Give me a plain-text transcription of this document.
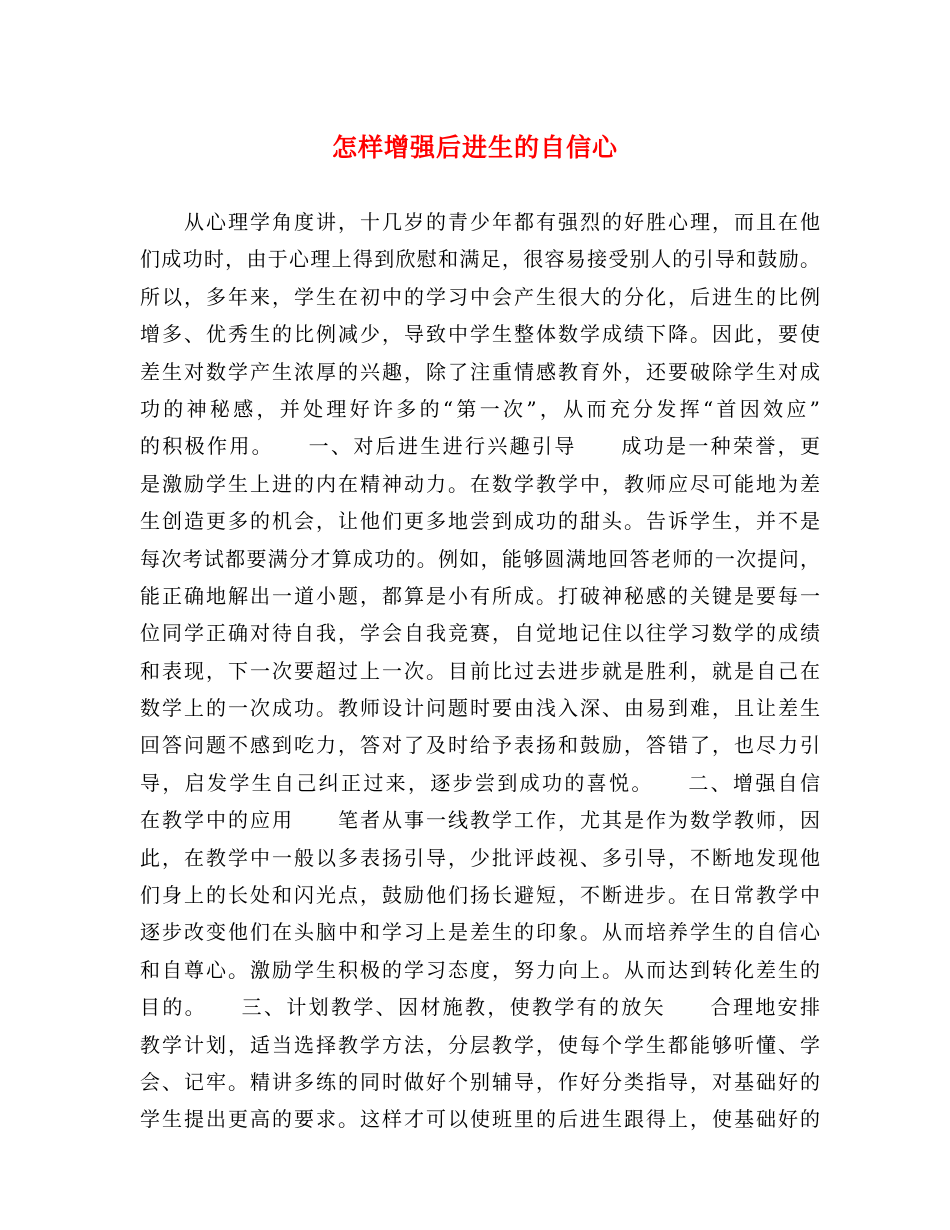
怎样增强后进生的自信心
　　从心理学角度讲，十几岁的青少年都有强烈的好胜心理，而且在他
们成功时，由于心理上得到欣慰和满足，很容易接受别人的引导和鼓励。
所以，多年来，学生在初中的学习中会产生很大的分化，后进生的比例
增多、优秀生的比例减少，导致中学生整体数学成绩下降。因此，要使
差生对数学产生浓厚的兴趣，除了注重情感教育外，还要破除学生对成
功的神秘感，并处理好许多的“第一次”，从而充分发挥“首因效应”
的积极作用。　　一、对后进生进行兴趣引导　　成功是一种荣誉，更
是激励学生上进的内在精神动力。在数学教学中，教师应尽可能地为差
生创造更多的机会，让他们更多地尝到成功的甜头。告诉学生，并不是
每次考试都要满分才算成功的。例如，能够圆满地回答老师的一次提问，
能正确地解出一道小题，都算是小有所成。打破神秘感的关键是要每一
位同学正确对待自我，学会自我竞赛，自觉地记住以往学习数学的成绩
和表现，下一次要超过上一次。目前比过去进步就是胜利，就是自己在
数学上的一次成功。教师设计问题时要由浅入深、由易到难，且让差生
回答问题不感到吃力，答对了及时给予表扬和鼓励，答错了，也尽力引
导，启发学生自己纠正过来，逐步尝到成功的喜悦。　　二、增强自信
在教学中的应用　　笔者从事一线教学工作，尤其是作为数学教师，因
此，在教学中一般以多表扬引导，少批评歧视、多引导，不断地发现他
们身上的长处和闪光点，鼓励他们扬长避短，不断进步。在日常教学中
逐步改变他们在头脑中和学习上是差生的印象。从而培养学生的自信心
和自尊心。激励学生积极的学习态度，努力向上。从而达到转化差生的
目的。　　三、计划教学、因材施教，使教学有的放矢　　合理地安排
教学计划，适当选择教学方法，分层教学，使每个学生都能够听懂、学
会、记牢。精讲多练的同时做好个别辅导，作好分类指导，对基础好的
学生提出更高的要求。这样才可以使班里的后进生跟得上，使基础好的
